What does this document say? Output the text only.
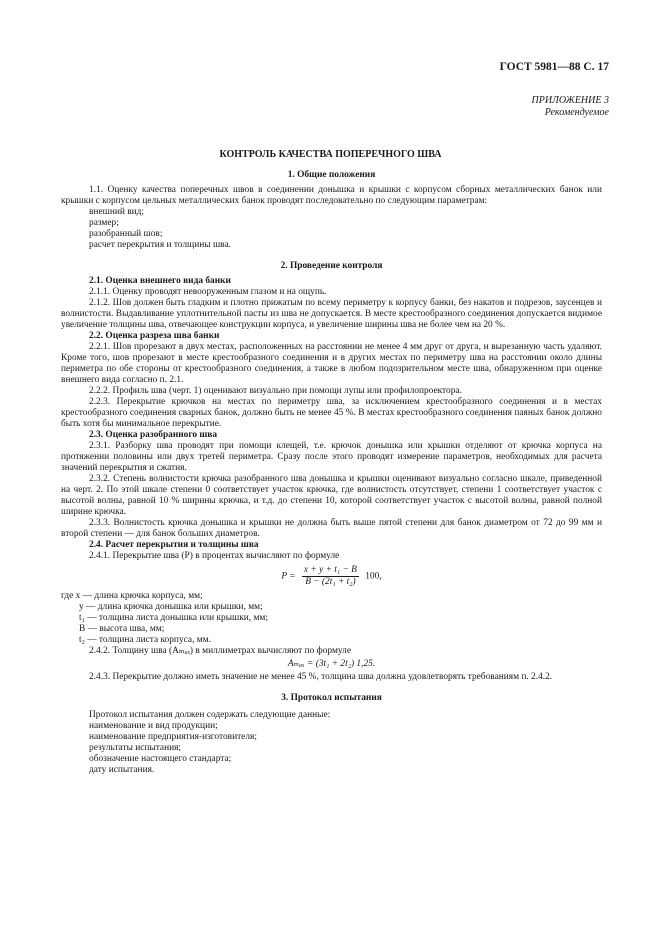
ГОСТ 5981—88 С. 17
ПРИЛОЖЕНИЕ 3
Рекомендуемое
КОНТРОЛЬ КАЧЕСТВА ПОПЕРЕЧНОГО ШВА
1. Общие положения

1.1. Оценку качества поперечных швов в соединении донышка и крышки с корпусом сборных металлических банок или крышки с корпусом цельных металлических банок проводят последовательно по следующим параметрам:

внешний вид;
размер;
разобранный шов;
расчет перекрытия и толщины шва.
2. Проведение контроля
2.1. Оценка внешнего вида банки

2.1.1. Оценку проводят невооруженным глазом и на ощупь.

2.1.2. Шов должен быть гладким и плотно прижатым по всему периметру к корпусу банки, без накатов и подрезов, заусенцев и волнистости. Выдавливание уплотнительной пасты из шва не допускается. В месте крестообразного соединения допускается видимое увеличение толщины шва, отвечающее конструкции корпуса, и увеличение ширины шва не более чем на 20 %.

2.2. Оценка разреза шва банки

2.2.1. Шов прорезают в двух местах, расположенных на расстоянии не менее 4 мм друг от друга, и вырезанную часть удаляют. Кроме того, шов прорезают в месте крестообразного соединения и в других местах по периметру шва на расстоянии около длины периметра по обе стороны от крестообразного соединения, а также в любом подозрительном месте шва, обнаруженном при оценке внешнего вида согласно п. 2.1.

2.2.2. Профиль шва (черт. 1) оценивают визуально при помощи лупы или профилопроектора.

2.2.3. Перекрытие крючков на местах по периметру шва, за исключением крестообразного соединения и в местах крестообразного соединения сварных банок, должно быть не менее 45 %. В местах крестообразного соединения паяных банок должно быть хотя бы минимальное перекрытие.

2.3. Оценка разобранного шва

2.3.1. Разборку шва проводят при помощи клещей, т.е. крючок донышка или крышки отделяют от крючка корпуса на протяжении половины или двух третей периметра. Сразу после этого проводят измерение параметров, необходимых для расчета значений перекрытия и сжатия.

2.3.2. Степень волнистости крючка разобранного шва донышка и крышки оценивают визуально согласно шкале, приведенной на черт. 2. По этой шкале степени 0 соответствует участок крючка, где волнистость отсутствует, степени 1 соответствует участок с высотой волны, равной 10 % ширины крючка, и т.д. до степени 10, которой соответствует участок с высотой волны, равной полной ширине крючка.

2.3.3. Волнистость крючка донышка и крышки не должна быть выше пятой степени для банок диаметром от 72 до 99 мм и второй степени — для банок больших диаметров.

2.4. Расчет перекрытия и толщины шва

2.4.1. Перекрытие шва (P) в процентах вычисляют по формуле

$P = \frac{\text{x + y + t₁ − B}}{\text{B − (2t₁ + t₂)}} 100$,
где x — длина крючка корпуса, мм;
y — длина крючка донышка или крышки, мм;
t₁ — толщина листа донышка или крышки, мм;
B — высота шва, мм;
t₂ — толщина листа корпуса, мм.

2.4.2. Толщину шва (Aₘₐₓ) в миллиметрах вычисляют по формуле

Aₘₐₓ = (3t₁ + 2t₂) 1,25.

2.4.3. Перекрытие должно иметь значение не менее 45 %, толщина шва должна удовлетворять требованиям п. 2.4.2.

3. Протокол испытания
Протокол испытания должен содержать следующие данные:
наименование и вид продукции;
наименование предприятия-изготовителя;
результаты испытания;
обозначение настоящего стандарта;
дату испытания.
